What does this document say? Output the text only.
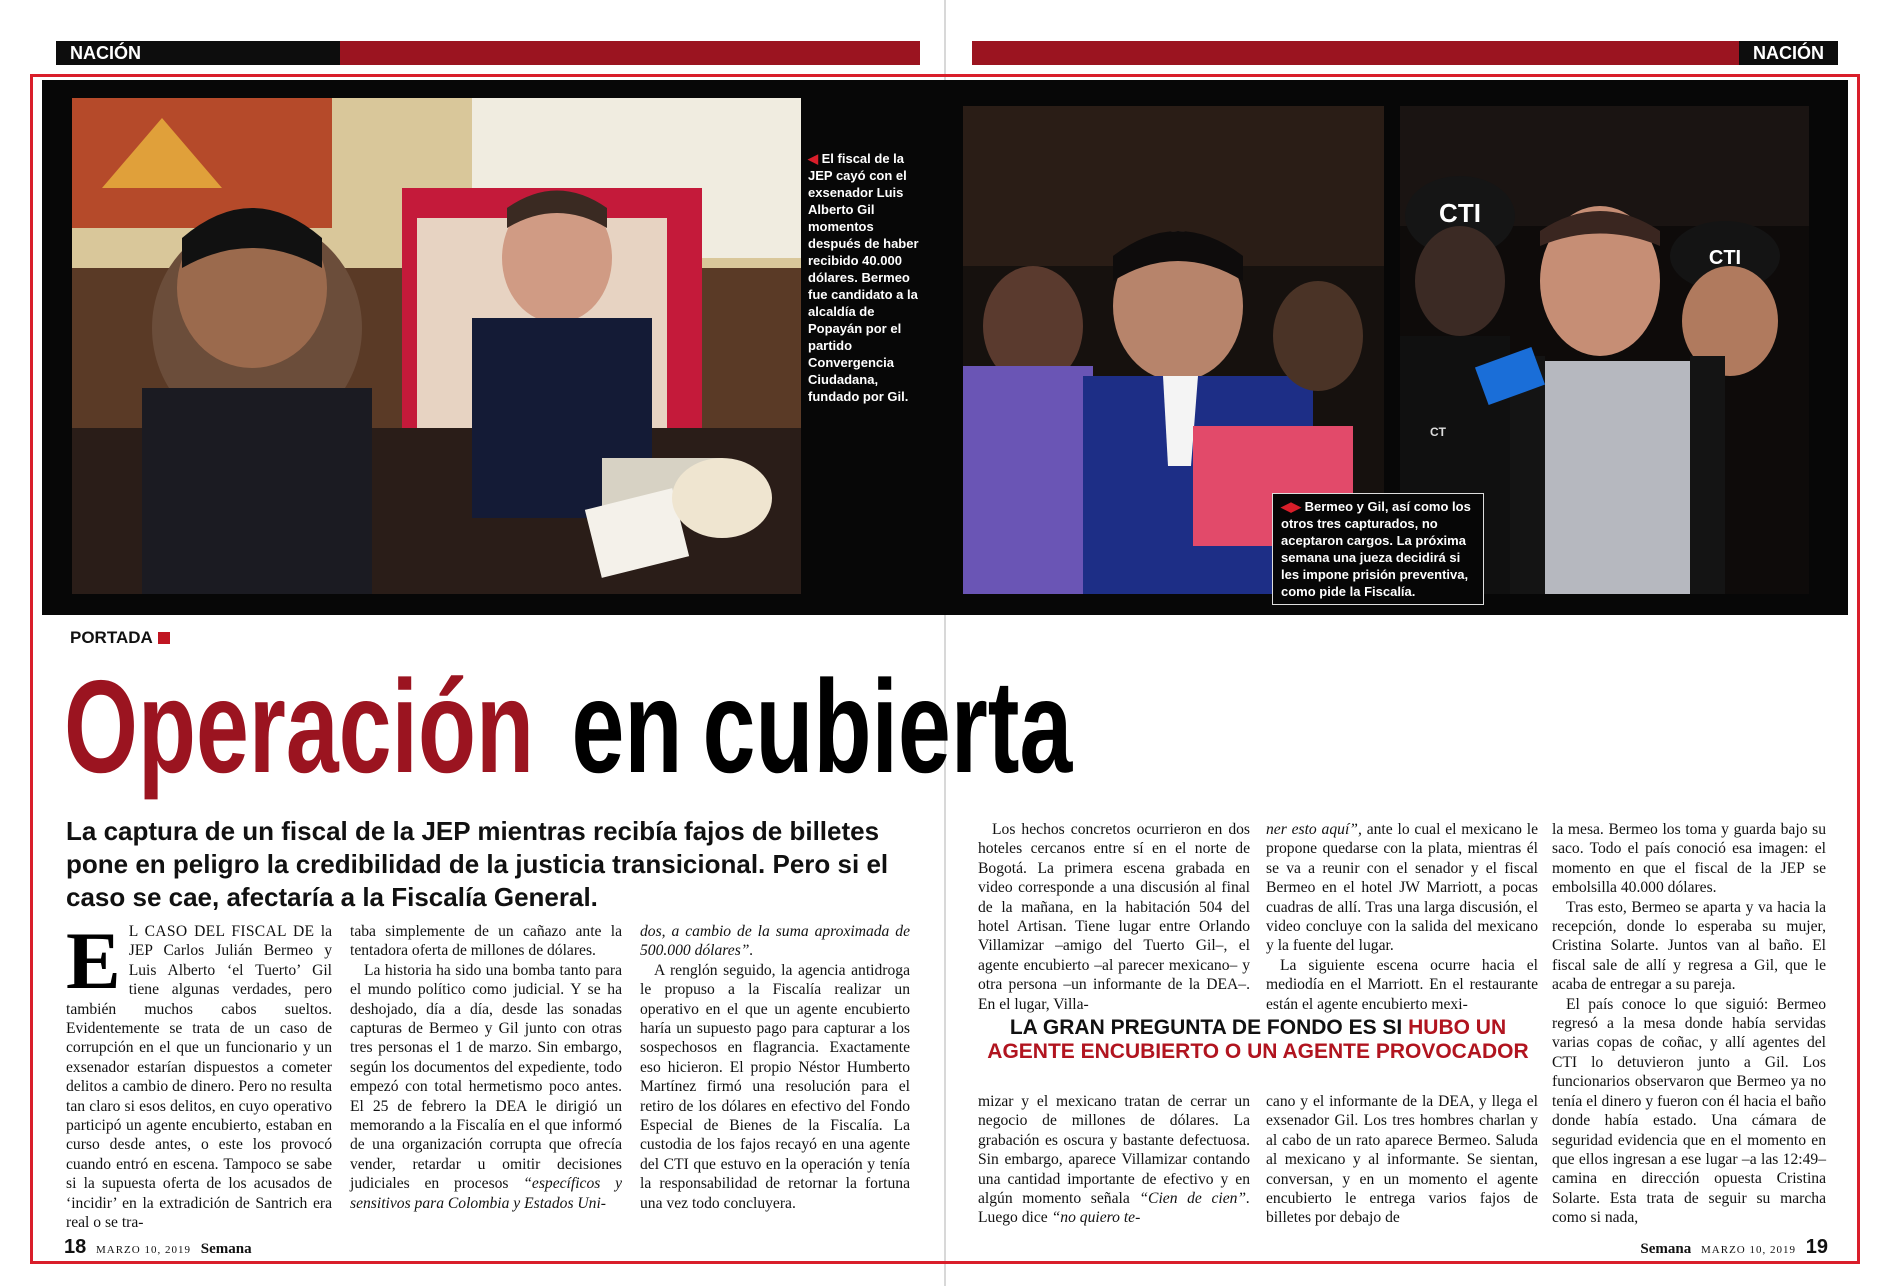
NACIÓN	NACIÓN
CTI
CTI
CT
◀ El fiscal de la JEP cayó con el exsenador Luis Alberto Gil momentos después de haber recibido 40.000 dólares. Bermeo fue candidato a la alcaldía de Popayán por el partido Convergencia Ciudadana, fundado por Gil.
◀▶ Bermeo y Gil, así como los otros tres capturados, no aceptaron cargos. La próxima semana una jueza decidirá si les impone prisión preventiva, como pide la Fiscalía.
PORTADA
Operación en cubierta
La captura de un fiscal de la JEP mientras recibía fajos de billetes pone en peligro la credibilidad de la justicia transicional. Pero si el caso se cae, afectaría a la Fiscalía General.

E L CASO DEL FISCAL DE la JEP Carlos Julián Bermeo y Luis Alberto ‘el Tuerto’ Gil tiene algunas verdades, pero también muchos cabos sueltos. Evidentemente se trata de un caso de corrupción en el que un funcionario y un exsenador estarían dispuestos a cometer delitos a cambio de dinero. Pero no resulta tan claro si esos delitos, en cuyo operativo participó un agente encubierto, estaban en curso desde antes, o este los provocó cuando entró en escena. Tampoco se sabe si la supuesta oferta de los acusados de ‘incidir’ en la extradición de Santrich era real o se tra-

taba simplemente de un cañazo ante la tentadora oferta de millones de dólares.

La historia ha sido una bomba tanto para el mundo político como judicial. Y se ha deshojado, día a día, desde las sonadas capturas de Bermeo y Gil junto con otras tres personas el 1 de marzo. Sin embargo, según los documentos del expediente, todo empezó con total hermetismo poco antes. El 25 de febrero la DEA le dirigió un memorando a la Fiscalía en el que informó de una organización corrupta que ofrecía vender, retardar u omitir decisiones judiciales en procesos “específicos y sensitivos para Colombia y Estados Uni-

dos, a cambio de la suma aproximada de 500.000 dólares”.

A renglón seguido, la agencia antidroga le propuso a la Fiscalía realizar un operativo en el que un agente encubierto haría un supuesto pago para capturar a los sospechosos en flagrancia. Exactamente eso hicieron. El propio Néstor Humberto Martínez firmó una resolución para el retiro de los dólares en efectivo del Fondo Especial de Bienes de la Fiscalía. La custodia de los fajos recayó en una agente del CTI que estuvo en la operación y tenía la responsabilidad de retornar la fortuna una vez todo concluyera.

Los hechos concretos ocurrieron en dos hoteles cercanos entre sí en el norte de Bogotá. La primera escena grabada en video corresponde a una discusión al final de la mañana, en la habitación 504 del hotel Artisan. Tiene lugar entre Orlando Villamizar –amigo del Tuerto Gil–, el agente encubierto –al parecer mexicano– y otra persona –un informante de la DEA–. En el lugar, Villa-

ner esto aquí”, ante lo cual el mexicano le propone quedarse con la plata, mientras él se va a reunir con el senador y el fiscal Bermeo en el hotel JW Marriott, a pocas cuadras de allí. Tras una larga discusión, el video concluye con la salida del mexicano y la fuente del lugar.

La siguiente escena ocurre hacia el mediodía en el Marriott. En el restaurante están el agente encubierto mexi-

la mesa. Bermeo los toma y guarda bajo su saco. Todo el país conoció esa imagen: el momento en que el fiscal de la JEP se embolsilla 40.000 dólares.

Tras esto, Bermeo se aparta y va hacia la recepción, donde lo esperaba su mujer, Cristina Solarte. Juntos van al baño. El fiscal sale de allí y regresa a Gil, que le acaba de entregar a su pareja.

El país conoce lo que siguió: Bermeo regresó a la mesa donde había servidas varias copas de coñac, y allí agentes del CTI lo detuvieron junto a Gil. Los funcionarios observaron que Bermeo ya no tenía el dinero y fueron con él hacia el baño donde había estado. Una cámara de seguridad evidencia que en el momento en que ellos ingresan a ese lugar –a las 12:49– camina en dirección opuesta Cristina Solarte. Esta trata de seguir su marcha como si nada,

LA GRAN PREGUNTA DE FONDO ES SI HUBO UN AGENTE ENCUBIERTO O UN AGENTE PROVOCADOR

mizar y el mexicano tratan de cerrar un negocio de millones de dólares. La grabación es oscura y bastante defectuosa. Sin embargo, aparece Villamizar contando una cantidad importante de efectivo y en algún momento señala “Cien de cien”. Luego dice “no quiero te-

cano y el informante de la DEA, y llega el exsenador Gil. Los tres hombres charlan y al cabo de un rato aparece Bermeo. Saluda al mexicano y al informante. Se sientan, conversan, y en un momento el agente encubierto le entrega varios fajos de billetes por debajo de

18 MARZO 10, 2019 Semana	Semana MARZO 10, 2019 19
